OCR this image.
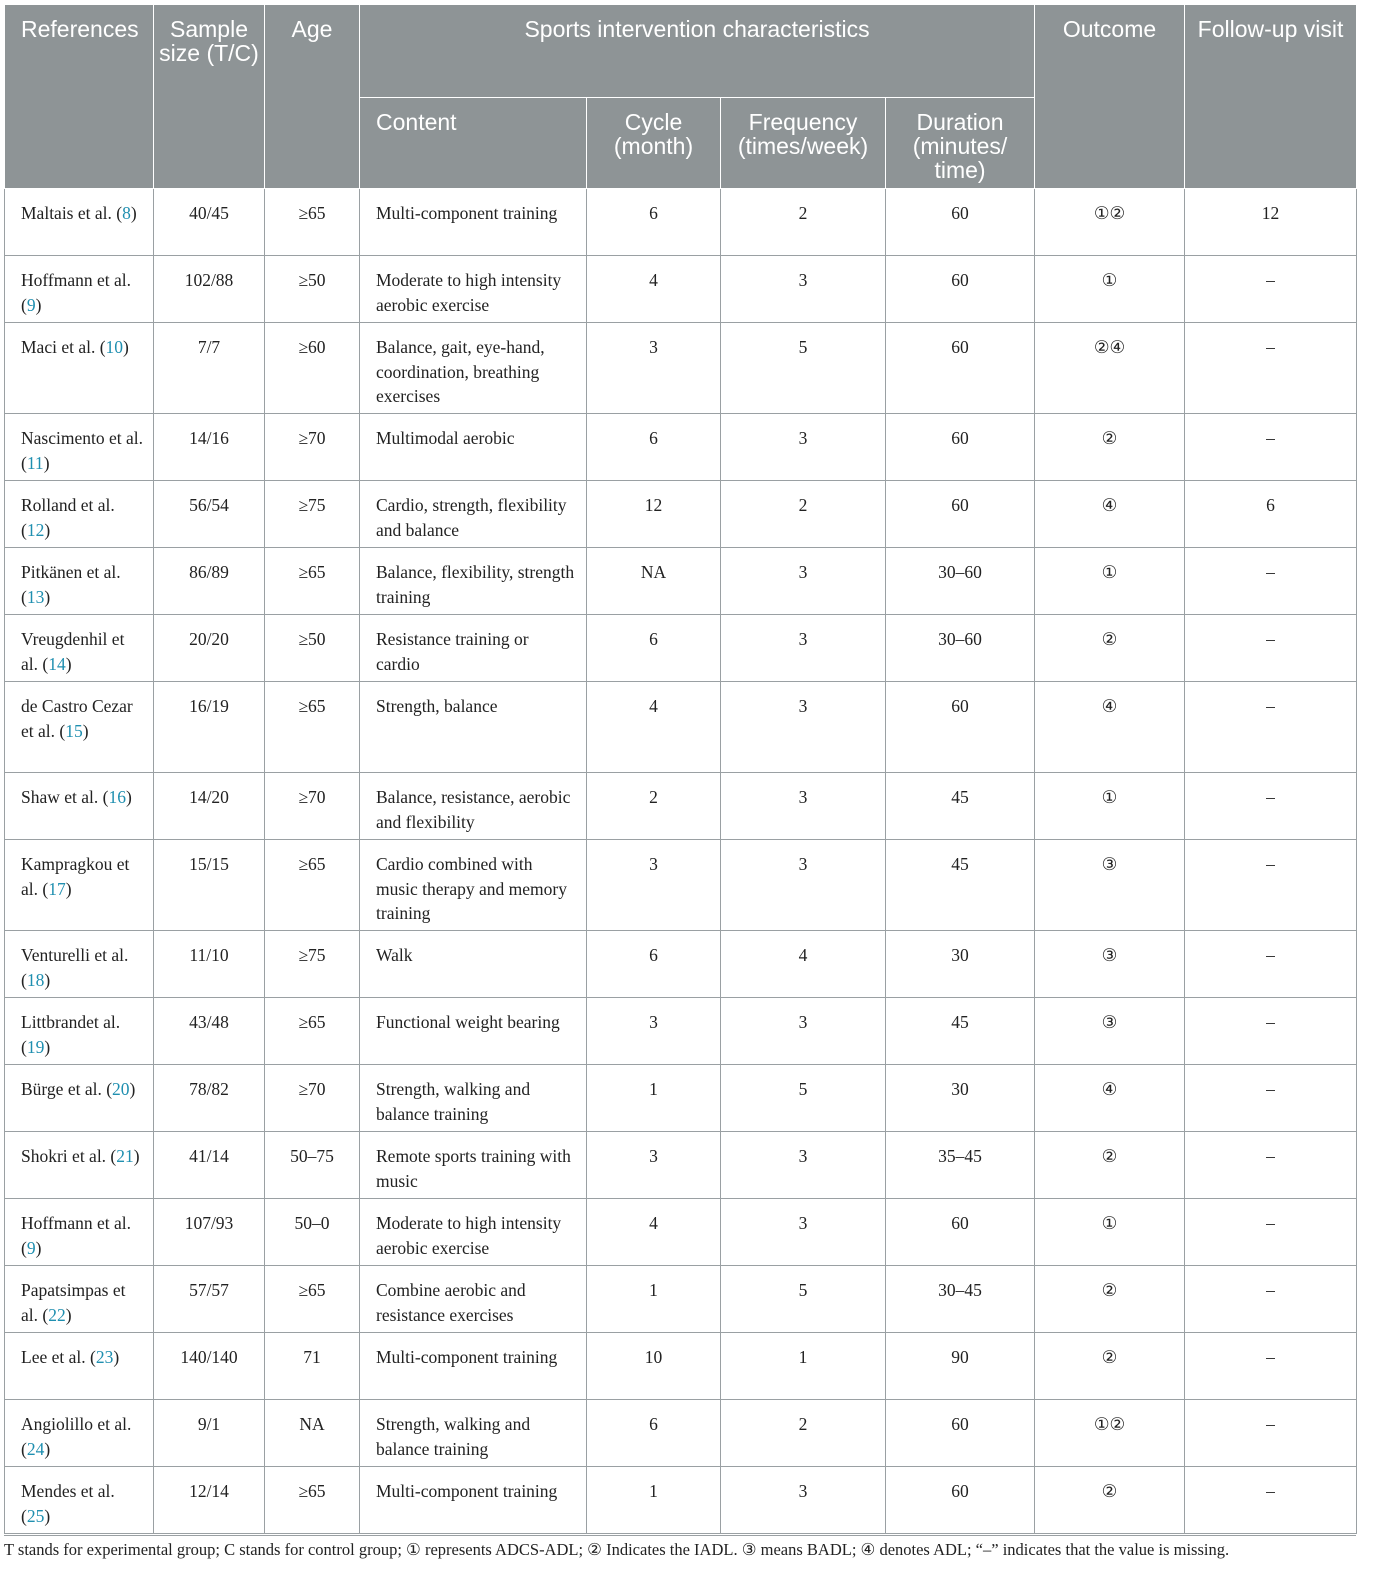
References	Sample size (T/C)	Age	Sports intervention characteristics				Outcome	Follow-up visit
			Content	Cycle (month)	Frequency (times/week)	Duration (minutes/ time)		
Maltais et al. (8)	40/45	≥65	Multi-component training	6	2	60	①②	12
Hoffmann et al. (9)	102/88	≥50	Moderate to high intensity aerobic exercise	4	3	60	①	–
Maci et al. (10)	7/7	≥60	Balance, gait, eye-hand, coordination, breathing exercises	3	5	60	②④	–
Nascimento et al. (11)	14/16	≥70	Multimodal aerobic	6	3	60	②	–
Rolland et al. (12)	56/54	≥75	Cardio, strength, flexibility and balance	12	2	60	④	6
Pitkänen et al. (13)	86/89	≥65	Balance, flexibility, strength training	NA	3	30–60	①	–
Vreugdenhil et al. (14)	20/20	≥50	Resistance training or cardio	6	3	30–60	②	–
de Castro Cezar et al. (15)	16/19	≥65	Strength, balance	4	3	60	④	–
Shaw et al. (16)	14/20	≥70	Balance, resistance, aerobic and flexibility	2	3	45	①	–
Kampragkou et al. (17)	15/15	≥65	Cardio combined with music therapy and memory training	3	3	45	③	–
Venturelli et al. (18)	11/10	≥75	Walk	6	4	30	③	–
Littbrandet al. (19)	43/48	≥65	Functional weight bearing	3	3	45	③	–
Bürge et al. (20)	78/82	≥70	Strength, walking and balance training	1	5	30	④	–
Shokri et al. (21)	41/14	50–75	Remote sports training with music	3	3	35–45	②	–
Hoffmann et al. (9)	107/93	50–0	Moderate to high intensity aerobic exercise	4	3	60	①	–
Papatsimpas et al. (22)	57/57	≥65	Combine aerobic and resistance exercises	1	5	30–45	②	–
Lee et al. (23)	140/140	71	Multi-component training	10	1	90	②	–
Angiolillo et al. (24)	9/1	NA	Strength, walking and balance training	6	2	60	①②	–
Mendes et al. (25)	12/14	≥65	Multi-component training	1	3	60	②	–
T stands for experimental group; C stands for control group; ① represents ADCS-ADL; ② Indicates the IADL. ③ means BADL; ④ denotes ADL; “–” indicates that the value is missing.
